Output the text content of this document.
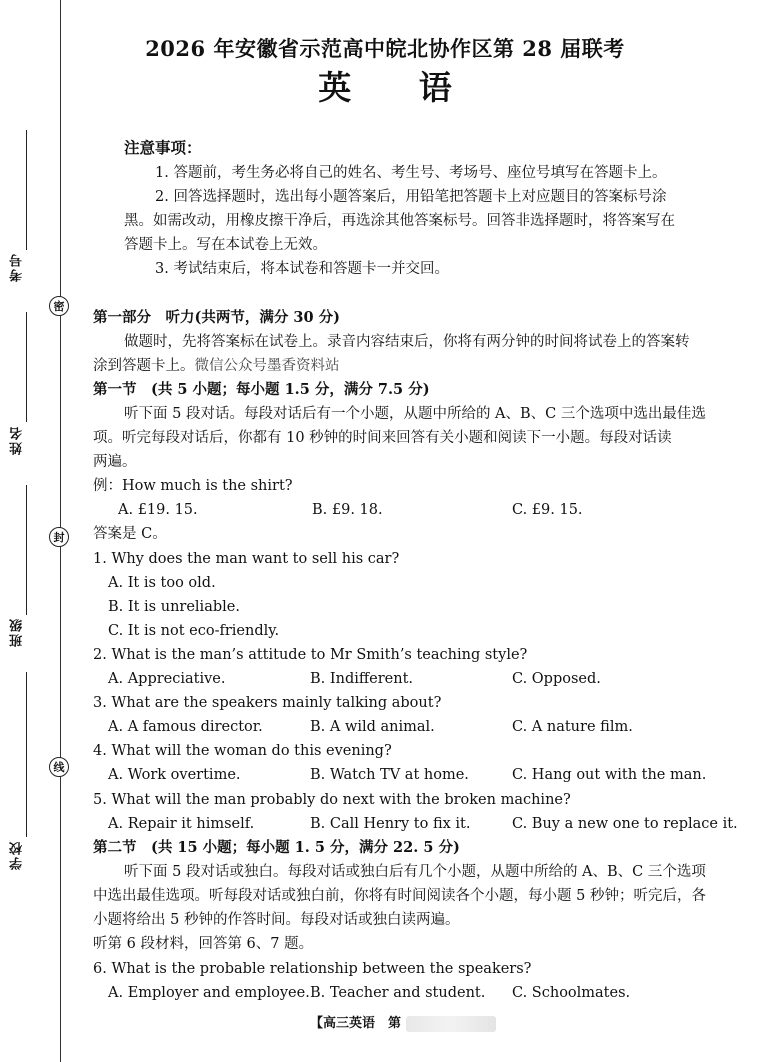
考号
姓名
班级
学校
密
封
线
2026 年安徽省示范高中皖北协作区第 28 届联考
英 语
注意事项：
1. 答题前，考生务必将自己的姓名、考生号、考场号、座位号填写在答题卡上。
2. 回答选择题时，选出每小题答案后，用铅笔把答题卡上对应题目的答案标号涂
黑。如需改动，用橡皮擦干净后，再选涂其他答案标号。回答非选择题时，将答案写在
答题卡上。写在本试卷上无效。
3. 考试结束后，将本试卷和答题卡一并交回。
第一部分　听力(共两节，满分 30 分)
做题时，先将答案标在试卷上。录音内容结束后，你将有两分钟的时间将试卷上的答案转
涂到答题卡上。微信公众号墨香资料站
第一节　(共 5 小题；每小题 1.5 分，满分 7.5 分)
听下面 5 段对话。每段对话后有一个小题，从题中所给的 A、B、C 三个选项中选出最佳选
项。听完每段对话后，你都有 10 秒钟的时间来回答有关小题和阅读下一小题。每段对话读
两遍。
例：How much is the shirt?
A. £19. 15.	B. £9. 18.	C. £9. 15.
答案是 C。
1. Why does the man want to sell his car?
A. It is too old.
B. It is unreliable.
C. It is not eco-friendly.
2. What is the man’s attitude to Mr Smith’s teaching style?
A. Appreciative.	B. Indifferent.	C. Opposed.
3. What are the speakers mainly talking about?
A. A famous director.	B. A wild animal.	C. A nature film.
4. What will the woman do this evening?
A. Work overtime.	B. Watch TV at home.	C. Hang out with the man.
5. What will the man probably do next with the broken machine?
A. Repair it himself.	B. Call Henry to fix it.	C. Buy a new one to replace it.
第二节　(共 15 小题；每小题 1. 5 分，满分 22. 5 分)
听下面 5 段对话或独白。每段对话或独白后有几个小题，从题中所给的 A、B、C 三个选项
中选出最佳选项。听每段对话或独白前，你将有时间阅读各个小题，每小题 5 秒钟；听完后，各
小题将给出 5 秒钟的作答时间。每段对话或独白读两遍。
听第 6 段材料，回答第 6、7 题。
6. What is the probable relationship between the speakers?
A. Employer and employee. B. Teacher and student. C. Schoolmates.
【高三英语　第
